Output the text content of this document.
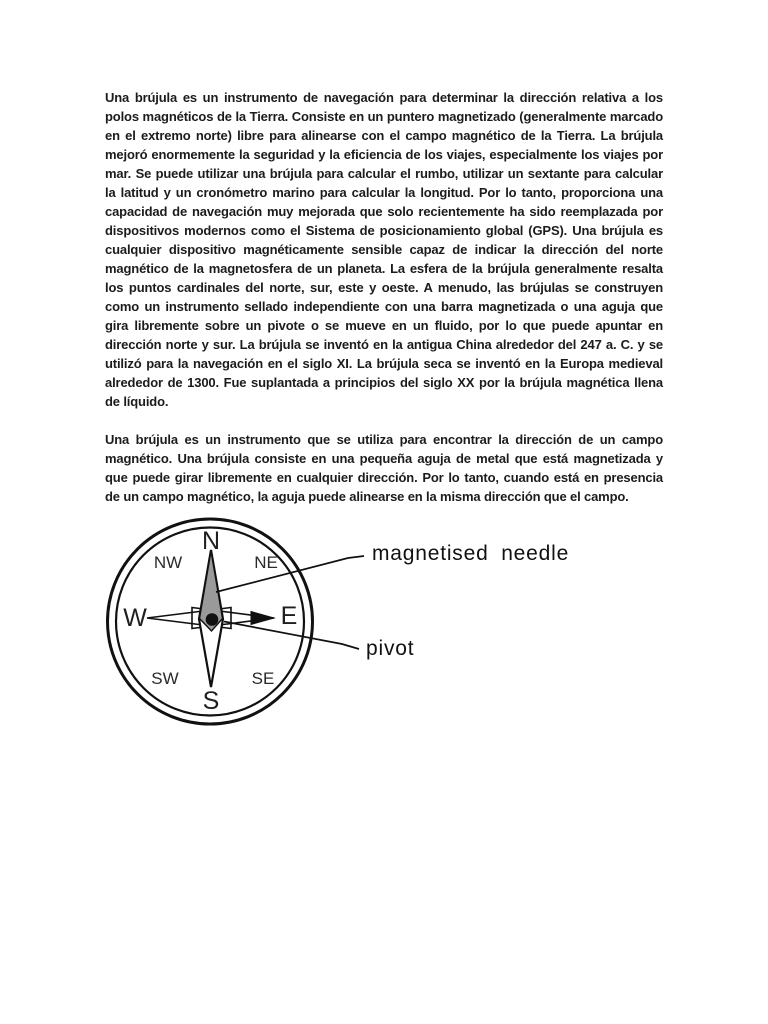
Una brújula es un instrumento de navegación para determinar la dirección relativa a los polos magnéticos de la Tierra. Consiste en un puntero magnetizado (generalmente marcado en el extremo norte) libre para alinearse con el campo magnético de la Tierra. La brújula mejoró enormemente la seguridad y la eficiencia de los viajes, especialmente los viajes por mar. Se puede utilizar una brújula para calcular el rumbo, utilizar un sextante para calcular la latitud y un cronómetro marino para calcular la longitud. Por lo tanto, proporciona una capacidad de navegación muy mejorada que solo recientemente ha sido reemplazada por dispositivos modernos como el Sistema de posicionamiento global (GPS). Una brújula es cualquier dispositivo magnéticamente sensible capaz de indicar la dirección del norte magnético de la magnetosfera de un planeta. La esfera de la brújula generalmente resalta los puntos cardinales del norte, sur, este y oeste. A menudo, las brújulas se construyen como un instrumento sellado independiente con una barra magnetizada o una aguja que gira libremente sobre un pivote o se mueve en un fluido, por lo que puede apuntar en dirección norte y sur. La brújula se inventó en la antigua China alrededor del 247 a. C. y se utilizó para la navegación en el siglo XI. La brújula seca se inventó en la Europa medieval alrededor de 1300. Fue suplantada a principios del siglo XX por la brújula magnética llena de líquido.

Una brújula es un instrumento que se utiliza para encontrar la dirección de un campo magnético. Una brújula consiste en una pequeña aguja de metal que está magnetizada y que puede girar libremente en cualquier dirección. Por lo tanto, cuando está en presencia de un campo magnético, la aguja puede alinearse en la misma dirección que el campo.

N
S
W	E
NW	NE
SW	SE
magnetised needle
pivot
